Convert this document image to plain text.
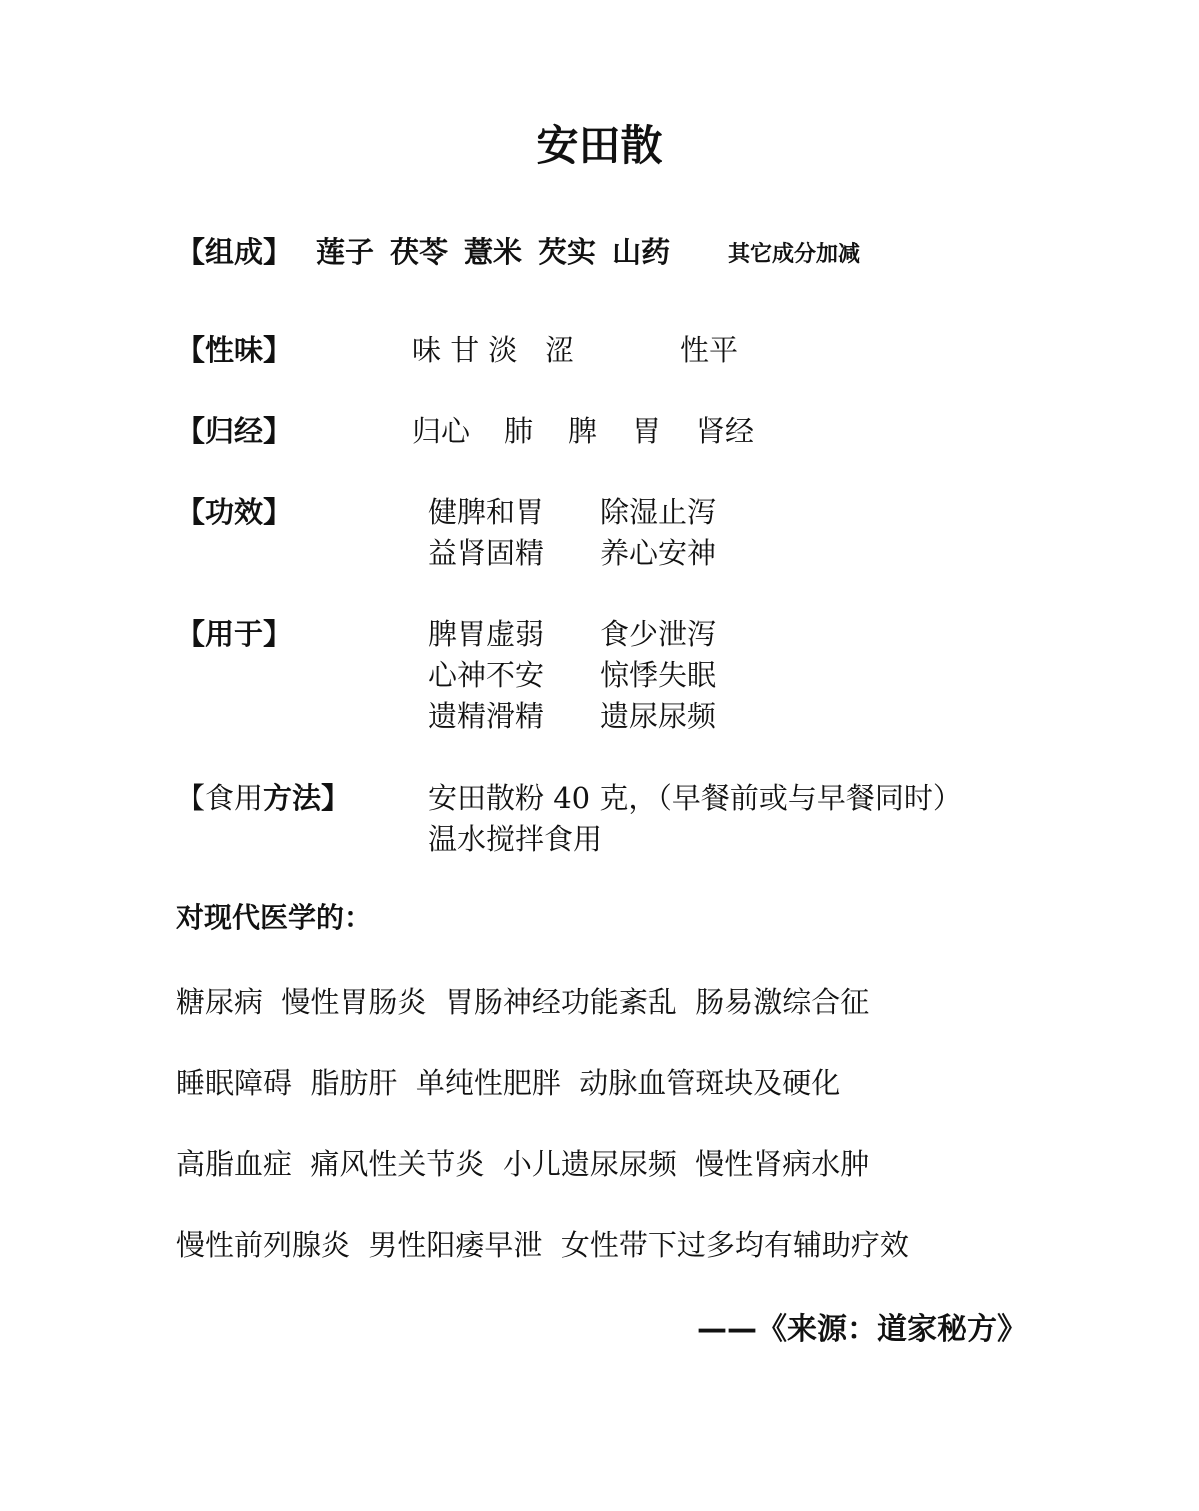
安田散
【组成】 莲子 茯苓 薏米 芡实 山药	其它成分加减
【性味】	味 甘 淡   涩	性平
【归经】	归心 肺 脾 胃 肾经
【功效】	健脾和胃 除湿止泻
益肾固精 养心安神
【用于】	脾胃虚弱 食少泄泻
心神不安 惊悸失眠
遗精滑精 遗尿尿频
【食用方法】	安田散粉 40 克，（早餐前或与早餐同时）
温水搅拌食用
对现代医学的：
糖尿病  慢性胃肠炎  胃肠神经功能紊乱  肠易激综合征
睡眠障碍  脂肪肝  单纯性肥胖  动脉血管斑块及硬化
高脂血症  痛风性关节炎  小儿遗尿尿频  慢性肾病水肿
慢性前列腺炎  男性阳痿早泄  女性带下过多均有辅助疗效
——《来源：道家秘方》
